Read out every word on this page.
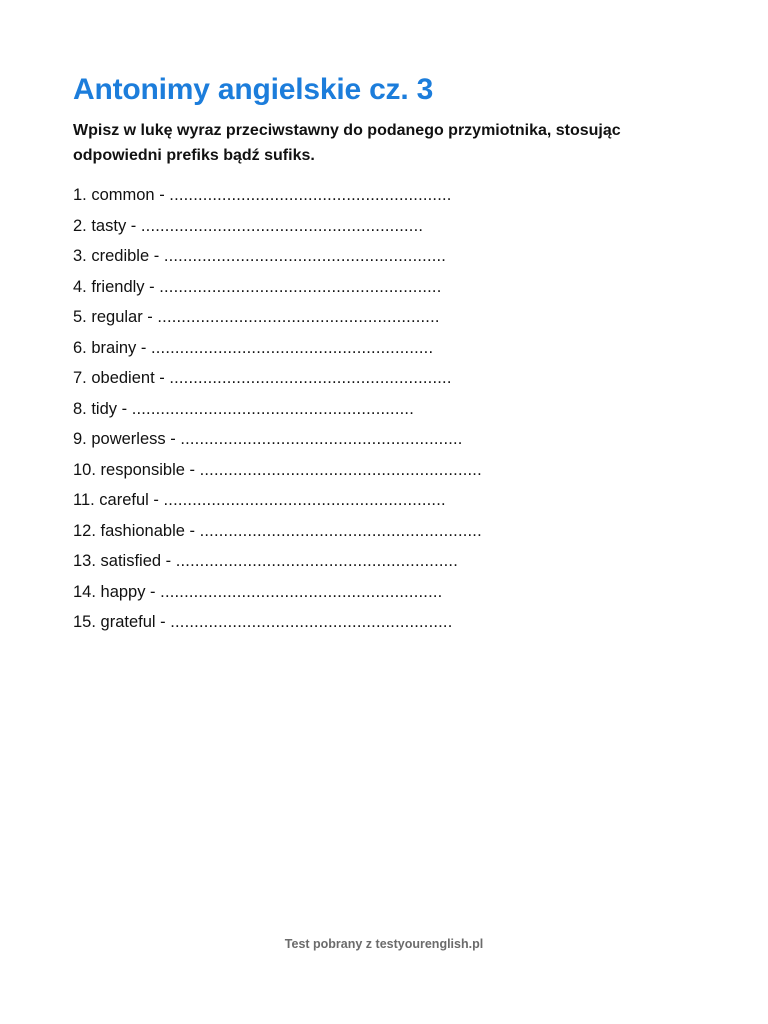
Antonimy angielskie cz. 3

Wpisz w lukę wyraz przeciwstawny do podanego przymiotnika, stosując odpowiedni prefiks bądź sufiks.

1. common - ...........................................................
2. tasty - ...........................................................
3. credible - ...........................................................
4. friendly - ...........................................................
5. regular - ...........................................................
6. brainy - ...........................................................
7. obedient - ...........................................................
8. tidy - ...........................................................
9. powerless - ...........................................................
10. responsible - ...........................................................
11. careful - ...........................................................
12. fashionable - ...........................................................
13. satisfied - ...........................................................
14. happy - ...........................................................
15. grateful - ...........................................................
Test pobrany z testyourenglish.pl
